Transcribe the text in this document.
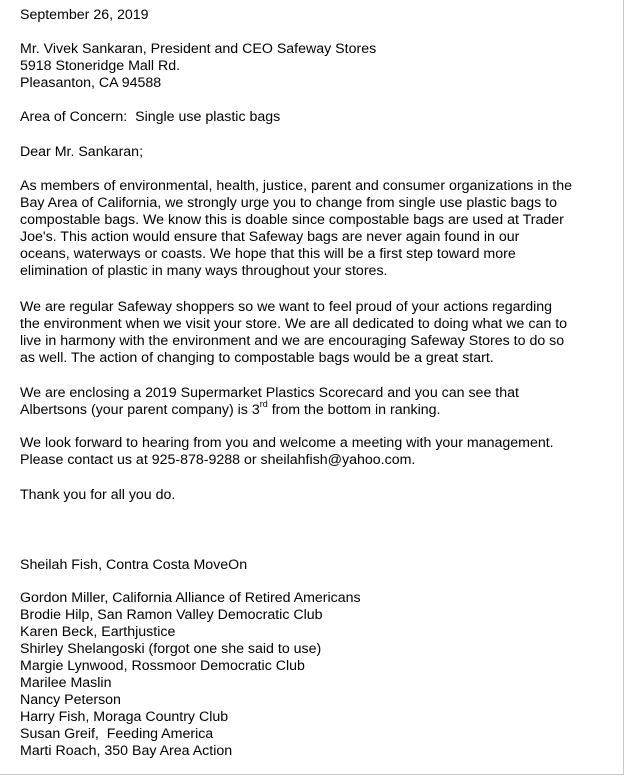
September 26, 2019
Mr. Vivek Sankaran, President and CEO Safeway Stores
5918 Stoneridge Mall Rd.
Pleasanton, CA 94588
Area of Concern:  Single use plastic bags
Dear Mr. Sankaran;
As members of environmental, health, justice, parent and consumer organizations in the
Bay Area of California, we strongly urge you to change from single use plastic bags to
compostable bags. We know this is doable since compostable bags are used at Trader
Joe's. This action would ensure that Safeway bags are never again found in our
oceans, waterways or coasts. We hope that this will be a first step toward more
elimination of plastic in many ways throughout your stores.
We are regular Safeway shoppers so we want to feel proud of your actions regarding
the environment when we visit your store. We are all dedicated to doing what we can to
live in harmony with the environment and we are encouraging Safeway Stores to do so
as well. The action of changing to compostable bags would be a great start.
We are enclosing a 2019 Supermarket Plastics Scorecard and you can see that
Albertsons (your parent company) is 3rd from the bottom in ranking.
We look forward to hearing from you and welcome a meeting with your management.
Please contact us at 925-878-9288 or sheilahfish@yahoo.com.
Thank you for all you do.
Sheilah Fish, Contra Costa MoveOn
Gordon Miller, California Alliance of Retired Americans
Brodie Hilp, San Ramon Valley Democratic Club
Karen Beck, Earthjustice
Shirley Shelangoski (forgot one she said to use)
Margie Lynwood, Rossmoor Democratic Club
Marilee Maslin
Nancy Peterson
Harry Fish, Moraga Country Club
Susan Greif,  Feeding America
Marti Roach, 350 Bay Area Action
